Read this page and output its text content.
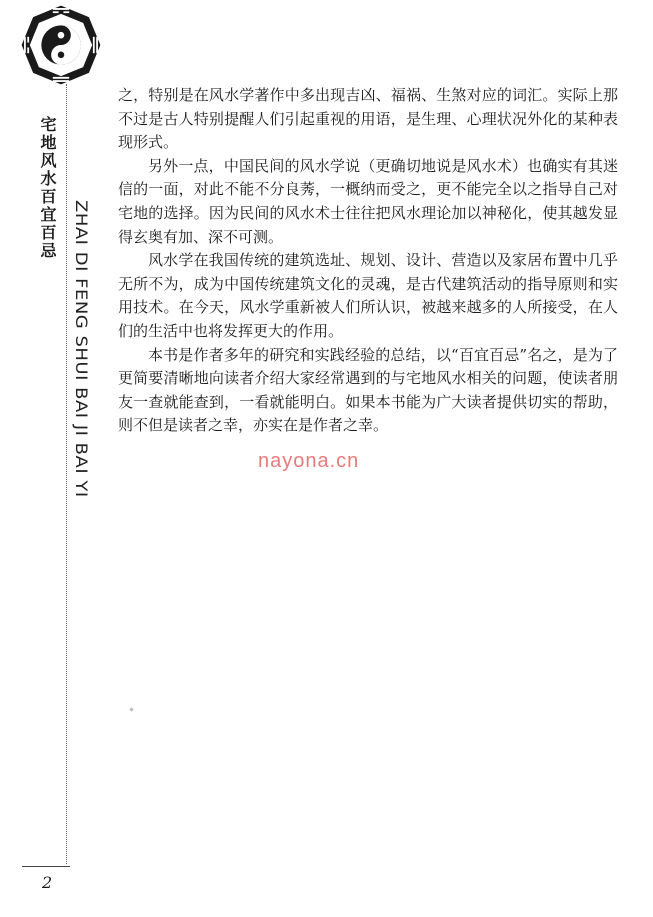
宅地风水百宜百忌
ZHAI DI FENG SHUI BAI JI BAI YI
2

之，特别是在风水学著作中多出现吉凶、福祸、生煞对应的词汇。实际上那不过是古人特别提醒人们引起重视的用语，是生理、心理状况外化的某种表现形式。

另外一点，中国民间的风水学说（更确切地说是风水术）也确实有其迷信的一面，对此不能不分良莠，一概纳而受之，更不能完全以之指导自己对宅地的选择。因为民间的风水术士往往把风水理论加以神秘化，使其越发显得玄奥有加、深不可测。

风水学在我国传统的建筑选址、规划、设计、营造以及家居布置中几乎无所不为，成为中国传统建筑文化的灵魂，是古代建筑活动的指导原则和实用技术。在今天，风水学重新被人们所认识，被越来越多的人所接受，在人们的生活中也将发挥更大的作用。

本书是作者多年的研究和实践经验的总结，以“百宜百忌”名之，是为了更简要清晰地向读者介绍大家经常遇到的与宅地风水相关的问题，使读者朋友一查就能查到，一看就能明白。如果本书能为广大读者提供切实的帮助，则不但是读者之幸，亦实在是作者之幸。

nayona.cn
